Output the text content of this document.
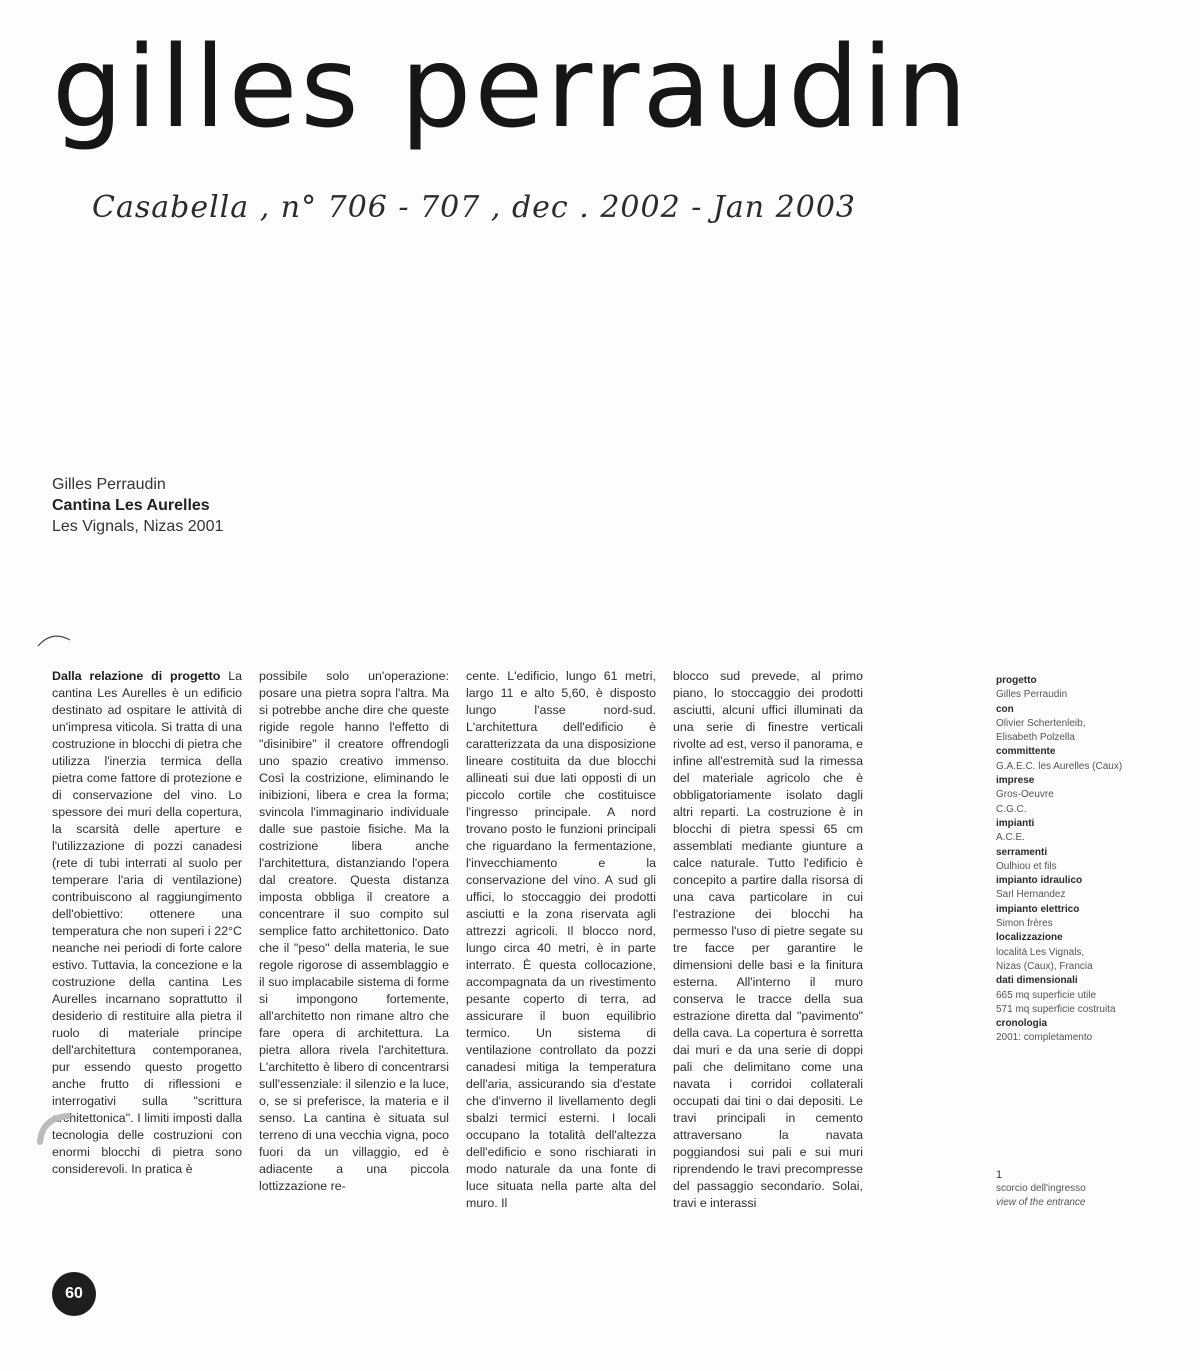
gilles perraudin
Casabella , n° 706 - 707 , dec . 2002 - Jan 2003
Gilles Perraudin
Cantina Les Aurelles
Les Vignals, Nizas 2001

Dalla relazione di progetto La cantina Les Aurelles è un edificio destinato ad ospitare le attività di un'impresa viticola. Si tratta di una costruzione in blocchi di pietra che utilizza l'inerzia termica della pietra come fattore di protezione e di conservazione del vino. Lo spessore dei muri della copertura, la scarsità delle aperture e l'utilizzazione di pozzi canadesi (rete di tubi interrati al suolo per temperare l'aria di ventilazione) contribuiscono al raggiungimento dell'obiettivo: ottenere una temperatura che non superi i 22°C neanche nei periodi di forte calore estivo. Tuttavia, la concezione e la costruzione della cantina Les Aurelles incarnano soprattutto il desiderio di restituire alla pietra il ruolo di materiale principe dell'architettura contemporanea, pur essendo questo progetto anche frutto di riflessioni e interrogativi sulla "scrittura architettonica". I limiti imposti dalla tecnologia delle costruzioni con enormi blocchi di pietra sono considerevoli. In pratica è

possibile solo un'operazione: posare una pietra sopra l'altra. Ma si potrebbe anche dire che queste rigide regole hanno l'effetto di "disinibire" il creatore offrendogli uno spazio creativo immenso. Così la costrizione, eliminando le inibizioni, libera e crea la forma; svincola l'immaginario individuale dalle sue pastoie fisiche. Ma la costrizione libera anche l'architettura, distanziando l'opera dal creatore. Questa distanza imposta obbliga il creatore a concentrare il suo compito sul semplice fatto architettonico. Dato che il "peso" della materia, le sue regole rigorose di assemblaggio e il suo implacabile sistema di forme si impongono fortemente, all'architetto non rimane altro che fare opera di architettura. La pietra allora rivela l'architettura. L'architetto è libero di concentrarsi sull'essenziale: il silenzio e la luce, o, se si preferisce, la materia e il senso. La cantina è situata sul terreno di una vecchia vigna, poco fuori da un villaggio, ed è adiacente a una piccola lottizzazione re-

cente. L'edificio, lungo 61 metri, largo 11 e alto 5,60, è disposto lungo l'asse nord-sud. L'architettura dell'edificio è caratterizzata da una disposizione lineare costituita da due blocchi allineati sui due lati opposti di un piccolo cortile che costituisce l'ingresso principale. A nord trovano posto le funzioni principali che riguardano la fermentazione, l'invecchiamento e la conservazione del vino. A sud gli uffici, lo stoccaggio dei prodotti asciutti e la zona riservata agli attrezzi agricoli. Il blocco nord, lungo circa 40 metri, è in parte interrato. È questa collocazione, accompagnata da un rivestimento pesante coperto di terra, ad assicurare il buon equilibrio termico. Un sistema di ventilazione controllato da pozzi canadesi mitiga la temperatura dell'aria, assicurando sia d'estate che d'inverno il livellamento degli sbalzi termici esterni. I locali occupano la totalità dell'altezza dell'edificio e sono rischiarati in modo naturale da una fonte di luce situata nella parte alta del muro. Il

blocco sud prevede, al primo piano, lo stoccaggio dei prodotti asciutti, alcuni uffici illuminati da una serie di finestre verticali rivolte ad est, verso il panorama, e infine all'estremità sud la rimessa del materiale agricolo che è obbligatoriamente isolato dagli altri reparti. La costruzione è in blocchi di pietra spessi 65 cm assemblati mediante giunture a calce naturale. Tutto l'edificio è concepito a partire dalla risorsa di una cava particolare in cui l'estrazione dei blocchi ha permesso l'uso di pietre segate su tre facce per garantire le dimensioni delle basi e la finitura esterna. All'interno il muro conserva le tracce della sua estrazione diretta dal "pavimento" della cava. La copertura è sorretta dai muri e da una serie di doppi pali che delimitano come una navata i corridoi collaterali occupati dai tini o dai depositi. Le travi principali in cemento attraversano la navata poggiandosi sui pali e sui muri riprendendo le travi precompresse del passaggio secondario. Solai, travi e interassi

progetto
Gilles Perraudin
con
Olivier Schertenleib,
Elisabeth Polzella
committente
G.A.E.C. les Aurelles (Caux)
imprese
Gros-Oeuvre
C.G.C.
impianti
A.C.E.
serramenti
Oulhiou et fils
impianto idraulico
Sarl Hernandez
impianto elettrico
Simon frères
localizzazione
località Les Vignals,
Nizas (Caux), Francia
dati dimensionali
665 mq superficie utile
571 mq superficie costruita
cronologia
2001: completamento
1
scorcio dell'ingresso
view of the entrance
60
